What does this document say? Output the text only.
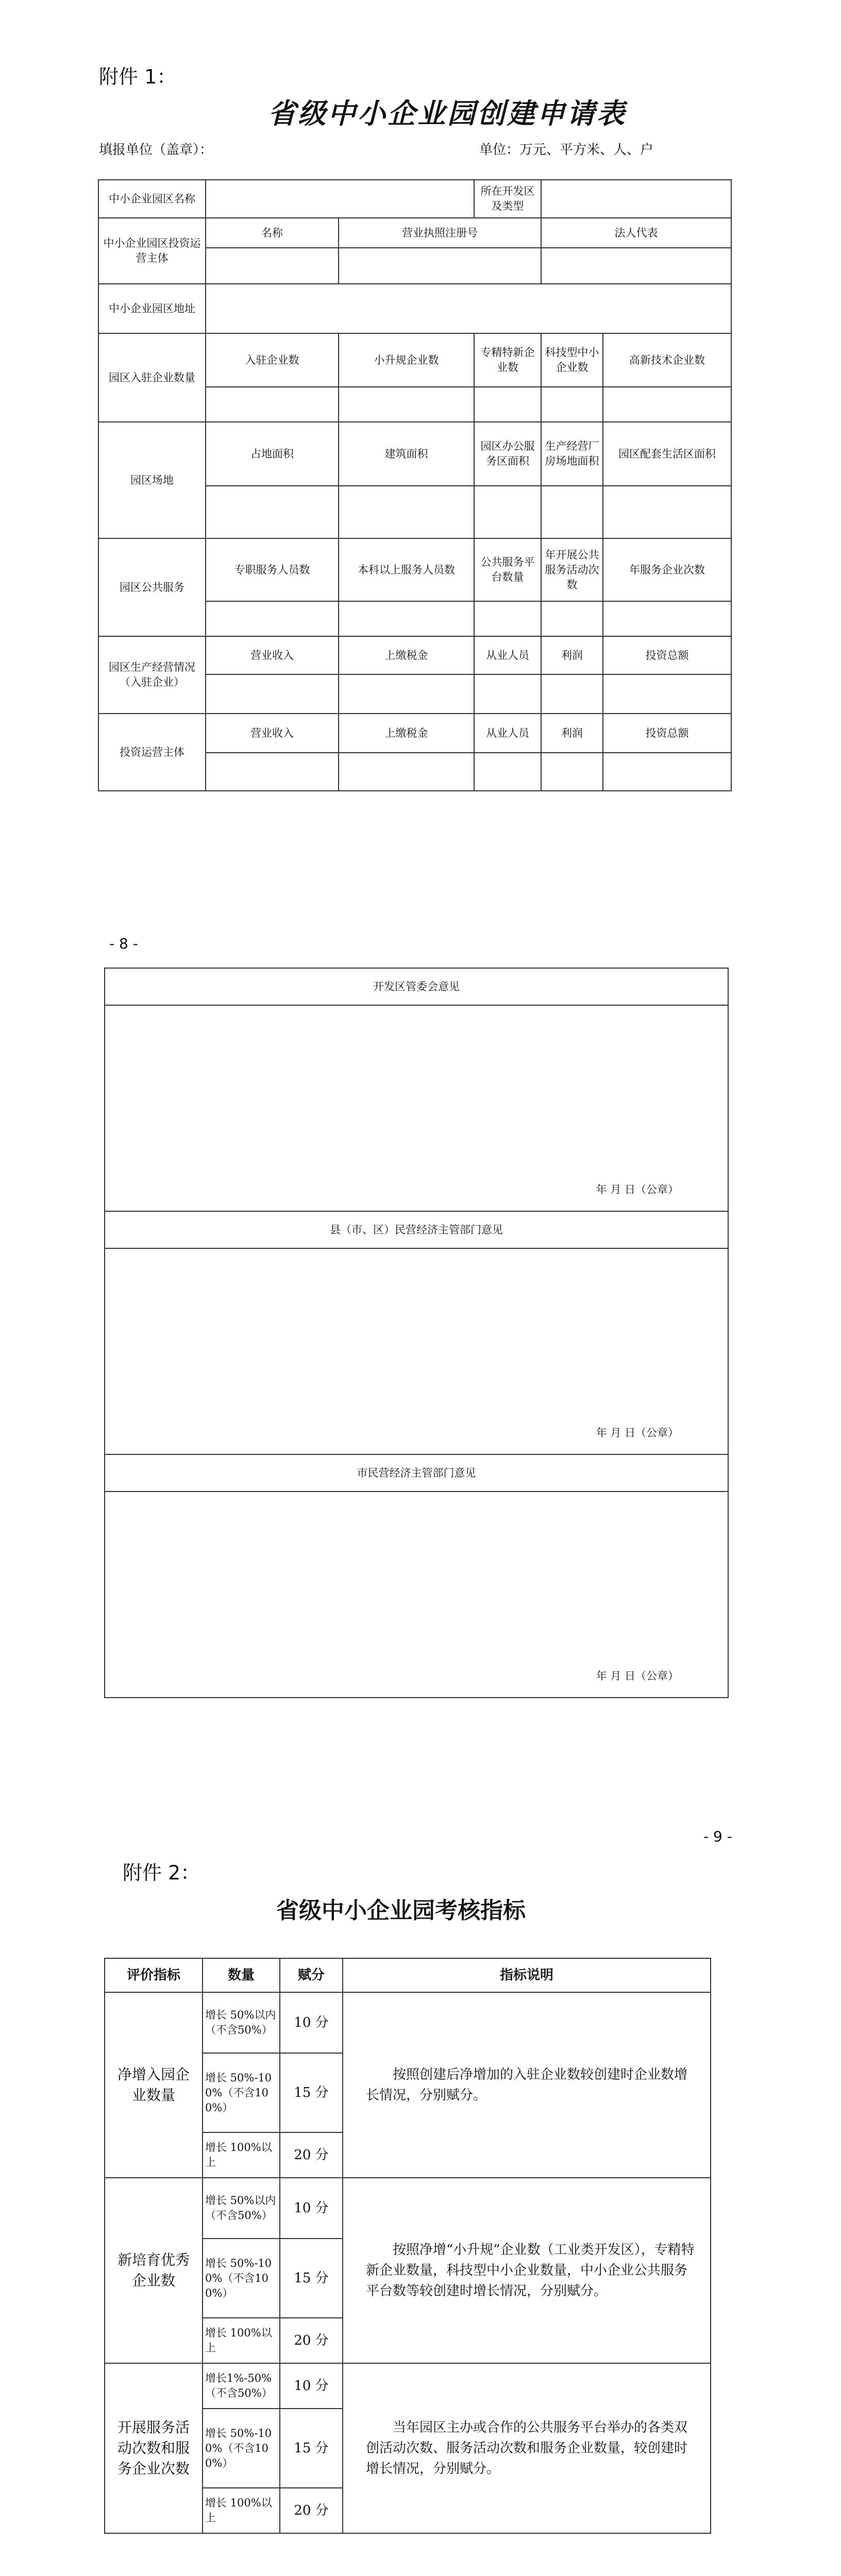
附件 1：
省级中小企业园创建申请表
填报单位（盖章）：	单位：万元、平方米、人、户
中小企业园区名称			所在开发区及类型		
中小企业园区投资运营主体	名称	营业执照注册号		法人代表	

中小企业园区地址					
园区入驻企业数量	入驻企业数	小升规企业数	专精特新企业数	科技型中小企业数	高新技术企业数

园区场地	占地面积	建筑面积	园区办公服务区面积	生产经营厂房场地面积	园区配套生活区面积

园区公共服务	专职服务人员数	本科以上服务人员数	公共服务平台数量	年开展公共服务活动次数	年服务企业次数

园区生产经营情况（入驻企业）	营业收入	上缴税金	从业人员	利润	投资总额

投资运营主体	营业收入	上缴税金	从业人员	利润	投资总额

- 8 -
开发区管委会意见
年 月 日（公章）
县（市、区）民营经济主管部门意见
年 月 日（公章）
市民营经济主管部门意见
年 月 日（公章）
- 9 -
附件 2：
省级中小企业园考核指标
评价指标	数量	赋分	指标说明
净增入园企业数量	增长 50%以内（不含50%）	10 分	按照创建后净增加的入驻企业数较创建时企业数增长情况，分别赋分。
	增长 50%-100%（不含100%）	15 分	
	增长 100%以上	20 分	
新培育优秀企业数	增长 50%以内（不含50%）	10 分	按照净增“小升规”企业数（工业类开发区），专精特新企业数量，科技型中小企业数量，中小企业公共服务平台数等较创建时增长情况，分别赋分。
	增长 50%-100%（不含100%）	15 分	
	增长 100%以上	20 分	
开展服务活动次数和服务企业次数	增长1%-50%（不含50%）	10 分	当年园区主办或合作的公共服务平台举办的各类双创活动次数、服务活动次数和服务企业数量，较创建时增长情况，分别赋分。
	增长 50%-100%（不含100%）	15 分	
	增长 100%以上	20 分	
